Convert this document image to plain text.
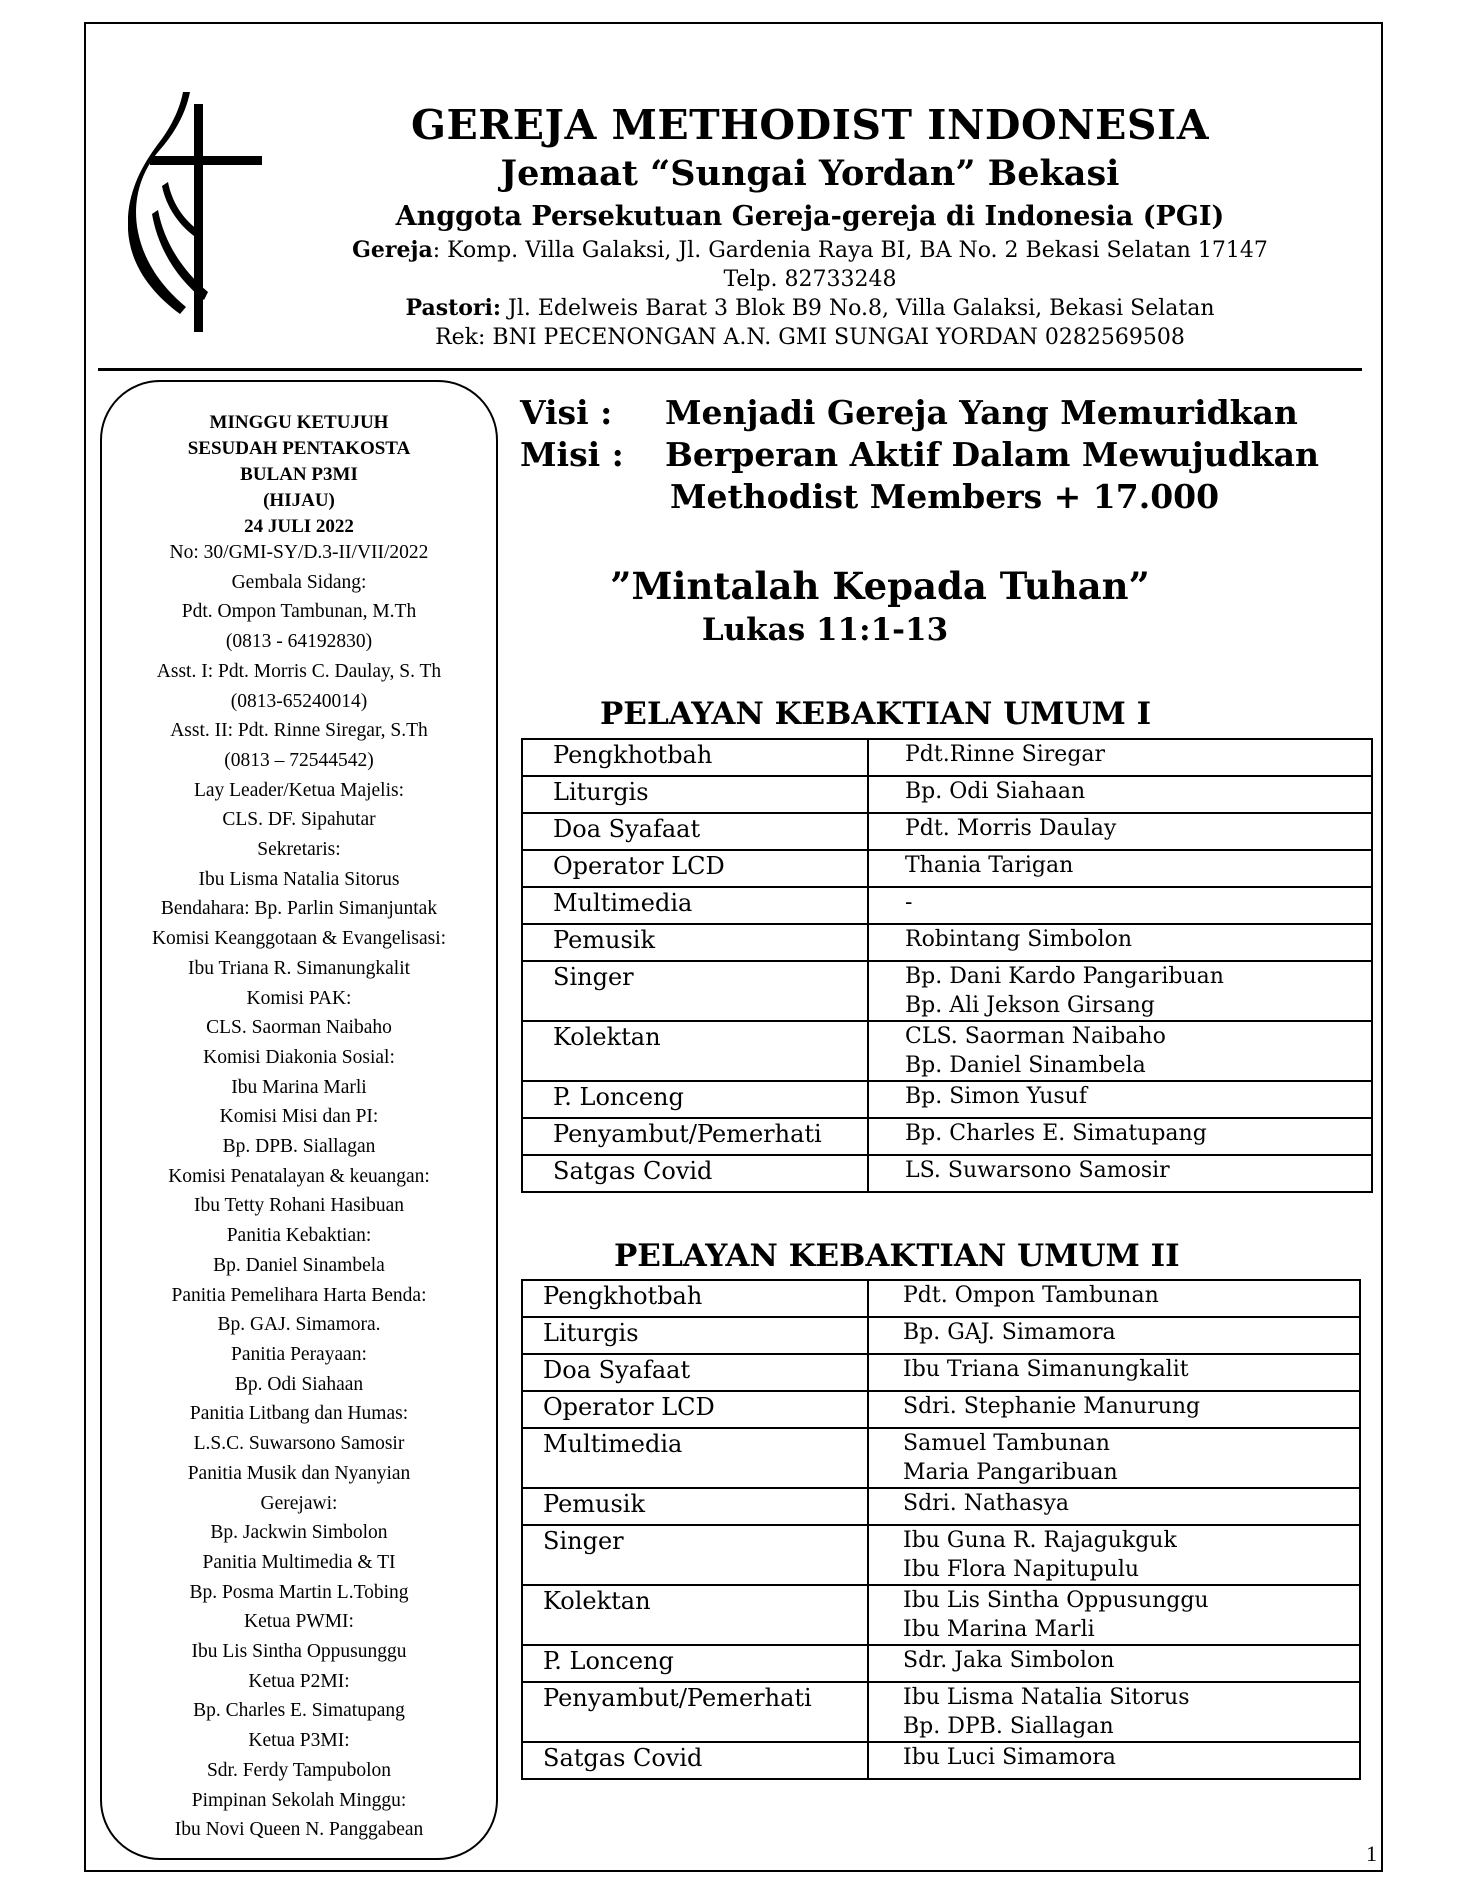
GEREJA METHODIST INDONESIA
Jemaat “Sungai Yordan” Bekasi
Anggota Persekutuan Gereja-gereja di Indonesia (PGI)
Gereja: Komp. Villa Galaksi, Jl. Gardenia Raya BI, BA No. 2 Bekasi Selatan 17147
Telp. 82733248
Pastori: Jl. Edelweis Barat 3 Blok B9 No.8, Villa Galaksi, Bekasi Selatan
Rek: BNI PECENONGAN A.N. GMI SUNGAI YORDAN 0282569508
MINGGU KETUJUH
SESUDAH PENTAKOSTA
BULAN P3MI
(HIJAU)
24 JULI 2022
No: 30/GMI-SY/D.3-II/VII/2022
Gembala Sidang:
Pdt. Ompon Tambunan, M.Th
(0813 - 64192830)
Asst. I: Pdt. Morris C. Daulay, S. Th
(0813-65240014)
Asst. II: Pdt. Rinne Siregar, S.Th
(0813 – 72544542)
Lay Leader/Ketua Majelis:
CLS. DF. Sipahutar
Sekretaris:
Ibu Lisma Natalia Sitorus
Bendahara: Bp. Parlin Simanjuntak
Komisi Keanggotaan & Evangelisasi:
Ibu Triana R. Simanungkalit
Komisi PAK:
CLS. Saorman Naibaho
Komisi Diakonia Sosial:
Ibu Marina Marli
Komisi Misi dan PI:
Bp. DPB. Siallagan
Komisi Penatalayan & keuangan:
Ibu Tetty Rohani Hasibuan
Panitia Kebaktian:
Bp. Daniel Sinambela
Panitia Pemelihara Harta Benda:
Bp. GAJ. Simamora.
Panitia Perayaan:
Bp. Odi Siahaan
Panitia Litbang dan Humas:
L.S.C. Suwarsono Samosir
Panitia Musik dan Nyanyian
Gerejawi:
Bp. Jackwin Simbolon
Panitia Multimedia & TI
Bp. Posma Martin L.Tobing
Ketua PWMI:
Ibu Lis Sintha Oppusunggu
Ketua P2MI:
Bp. Charles E. Simatupang
Ketua P3MI:
Sdr. Ferdy Tampubolon
Pimpinan Sekolah Minggu:
Ibu Novi Queen N. Panggabean
Visi : Menjadi Gereja Yang Memuridkan
Misi : Berperan Aktif Dalam Mewujudkan
Methodist Members + 17.000
”Mintalah Kepada Tuhan”
Lukas 11:1-13
PELAYAN KEBAKTIAN UMUM I
Pengkhotbah	Pdt.Rinne Siregar

Liturgis	Bp. Odi Siahaan

Doa Syafaat	Pdt. Morris Daulay

Operator LCD	Thania Tarigan

Multimedia	-

Pemusik	Robintang Simbolon

Singer	Bp. Dani Kardo Pangaribuan
Bp. Ali Jekson Girsang

Kolektan	CLS. Saorman Naibaho
Bp. Daniel Sinambela

P. Lonceng	Bp. Simon Yusuf

Penyambut/Pemerhati	Bp. Charles E. Simatupang

Satgas Covid	LS. Suwarsono Samosir
PELAYAN KEBAKTIAN UMUM II
Pengkhotbah	Pdt. Ompon Tambunan

Liturgis	Bp. GAJ. Simamora

Doa Syafaat	Ibu Triana Simanungkalit

Operator LCD	Sdri. Stephanie Manurung

Multimedia	Samuel Tambunan
Maria Pangaribuan

Pemusik	Sdri. Nathasya

Singer	Ibu Guna R. Rajagukguk
Ibu Flora Napitupulu

Kolektan	Ibu Lis Sintha Oppusunggu
Ibu Marina Marli

P. Lonceng	Sdr. Jaka Simbolon

Penyambut/Pemerhati	Ibu Lisma Natalia Sitorus
Bp. DPB. Siallagan

Satgas Covid	Ibu Luci Simamora
1
